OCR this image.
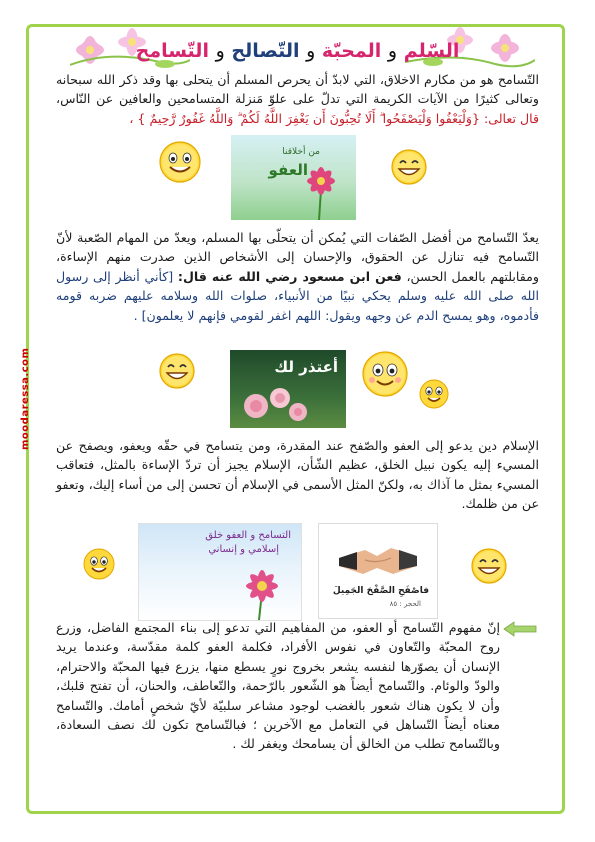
السّلم و المحبّة و التّصالح و التّسامح
التّسامح هو من مكارم الاخلاق، التي لابدّ أن يحرص المسلم أن يتحلى بها وقد ذكر الله سبحانه وتعالى كثيرًا من الآيات الكريمة التي تدلّ على علوّ مَنزلة المتسامحين والعافين عن النّاس، قال تعالى: {وَلْيَعْفُوا وَلْيَصْفَحُوا ۗ أَلَا تُحِبُّونَ أَن يَغْفِرَ اللَّهُ لَكُمْ ۗ وَاللَّهُ غَفُورٌ رَّحِيمٌ } ،
من أخلاقنا
العفو
يعدّ التّسامح من أفضل الصّفات التي يُمكن أن يتحلّى بها المسلم، ويعدّ من المهام الصّعبة لأنّ التّسامح فيه تنازل عن الحقوق، والإحسان إلى الأشخاص الذين صدرت منهم الإساءة، ومقابلتهم بالعمل الحسن، فعن ابن مسعود رضي الله عنه قال: [كأني أنظر إلى رسول الله صلى الله عليه وسلم يحكي نبيًا من الأنبياء، صلوات الله وسلامه عليهم ضربه قومه فأدموه، وهو يمسح الدم عن وجهه ويقول: اللهم اغفر لقومي فإنهم لا يعلمون] .
أعتذر لك
الإسلام دين يدعو إلى العفو والصّفح عند المقدرة، ومن يتسامح في حقّه ويعفو، ويصفح عن المسيء إليه يكون نبيل الخلق، عظيم الشّأن، الإسلام يجيز أن تردّ الإساءة بالمثل، فتعاقب المسيء بمثل ما آذاك به، ولكنّ المثل الأسمى في الإسلام أن تحسن إلى من أساء إليك، وتعفو عن من ظلمك.
التسامح و العفو خلق
إسلامي و إنساني
فاصْفَحِ الصَّفْحَ الجَمِيلَ
الحجر : ٨٥
إنّ مفهوم التّسامح أو العفو، من المفاهيم التي تدعو إلى بناء المجتمع الفاضل، وزرع روح المحبّة والتّعاون في نفوس الأفراد، فكلمة العفو كلمة مقدّسة، وعندما يريد الإنسان أن يصوّرها لنفسه يشعر بخروج نورٍ يسطع منها، يزرع فيها المحبّة والاحترام، والودّ والوئام. والتّسامح أيضاً هو الشّعور بالرّحمة، والتّعاطف، والحنان، أن تفتح قلبك، وأن لا يكون هناك شعور بالغضب لوجود مشاعر سلبيّة لأيّ شخصٍ أمامك. والتّسامح معناه أيضاً التّساهل في التعامل مع الآخرين ؛ فبالتّسامح تكون لك نصف السعادة، وبالتّسامح تطلب من الخالق أن يسامحك ويغفر لك .
moodaressa.com
